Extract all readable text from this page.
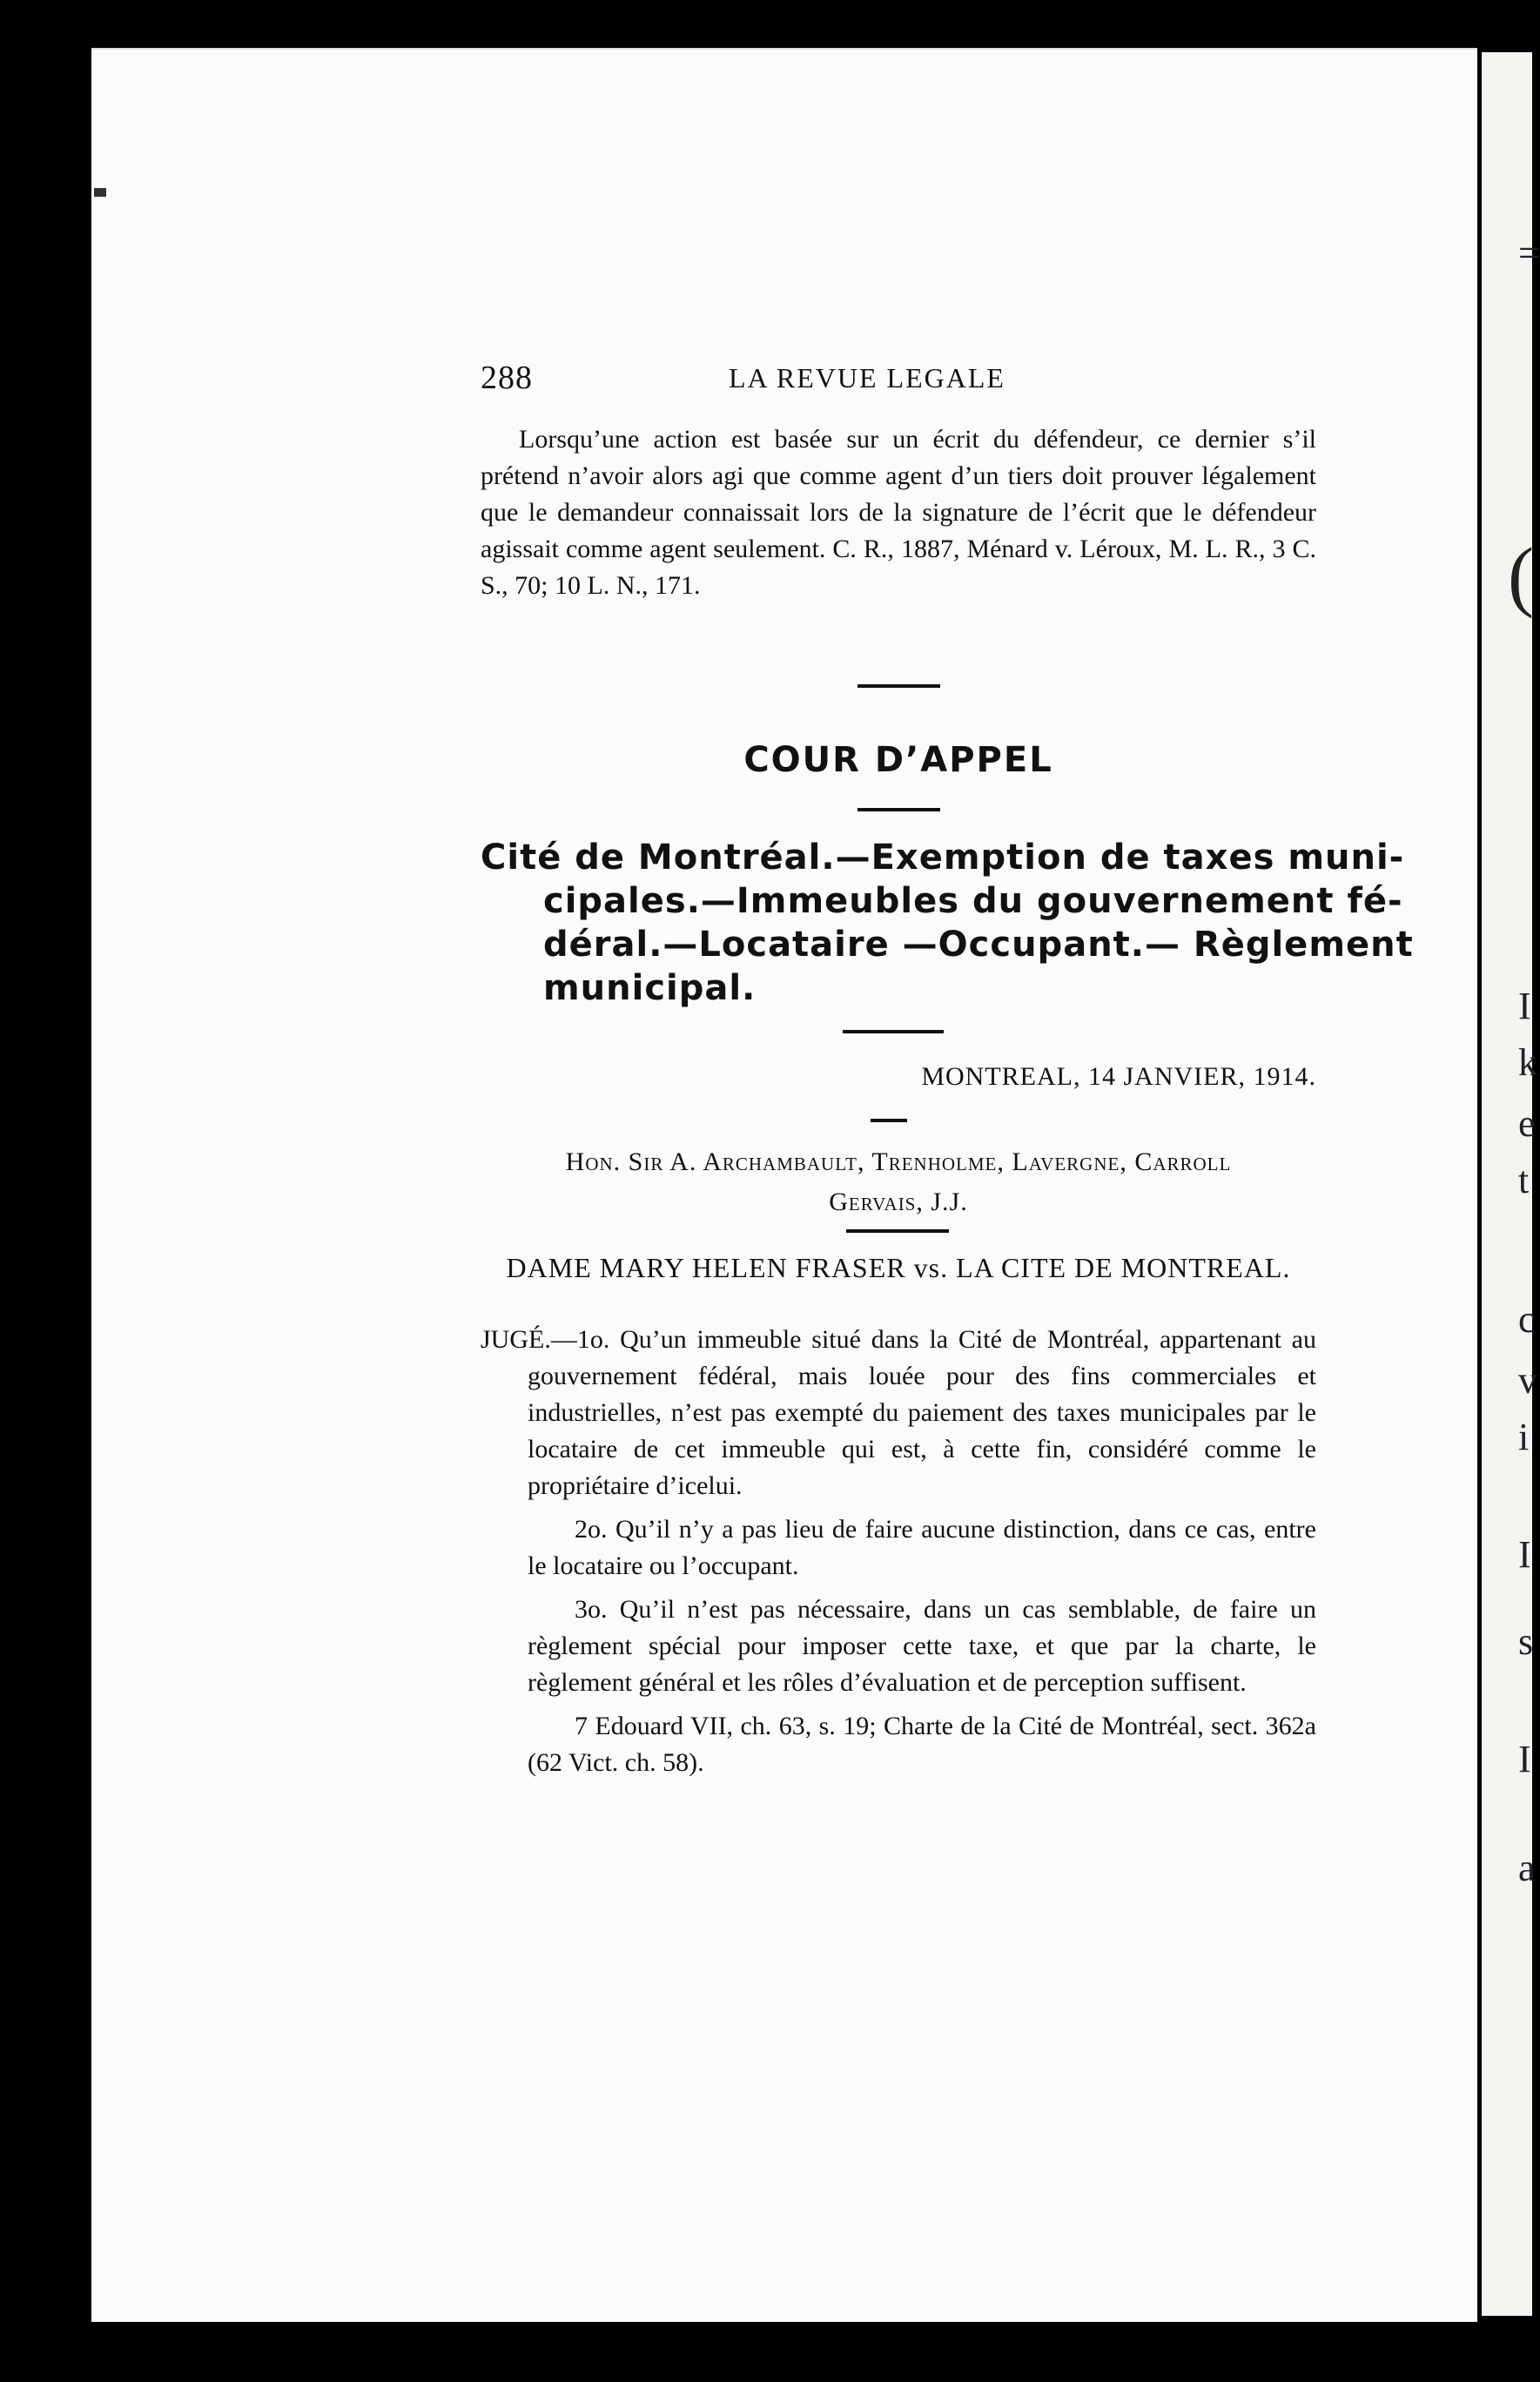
=
(
I
k
e
t
c
v
i
I
s
I
a
288	LA REVUE LEGALE
Lorsqu’une action est basée sur un écrit du défendeur, ce dernier s’il prétend n’avoir alors agi que comme agent d’un tiers doit prouver légalement que le demandeur connaissait lors de la signature de l’écrit que le défendeur agissait comme agent seulement. C. R., 1887, Ménard v. Léroux, M. L. R., 3 C. S., 70; 10 L. N., 171.
COUR D’APPEL
Cité de Montréal.—Exemption de taxes muni-
cipales.—Immeubles du gouvernement fé-
déral.—Locataire —Occupant.— Règlement
municipal.
MONTREAL, 14 JANVIER, 1914.
Hon. Sir A. Archambault, Trenholme, Lavergne, Carroll
Gervais, J.J.
DAME MARY HELEN FRASER vs. LA CITE DE MONTREAL.

JUGÉ.—1o. Qu’un immeuble situé dans la Cité de Montréal, appartenant au gouvernement fédéral, mais louée pour des fins commerciales et industrielles, n’est pas exempté du paiement des taxes municipales par le locataire de cet immeuble qui est, à cette fin, considéré comme le propriétaire d’icelui.

2o. Qu’il n’y a pas lieu de faire aucune distinction, dans ce cas, entre le locataire ou l’occupant.

3o. Qu’il n’est pas nécessaire, dans un cas semblable, de faire un règlement spécial pour imposer cette taxe, et que par la charte, le règlement général et les rôles d’évaluation et de perception suffisent.

7 Edouard VII, ch. 63, s. 19; Charte de la Cité de Montréal, sect. 362a (62 Vict. ch. 58).
